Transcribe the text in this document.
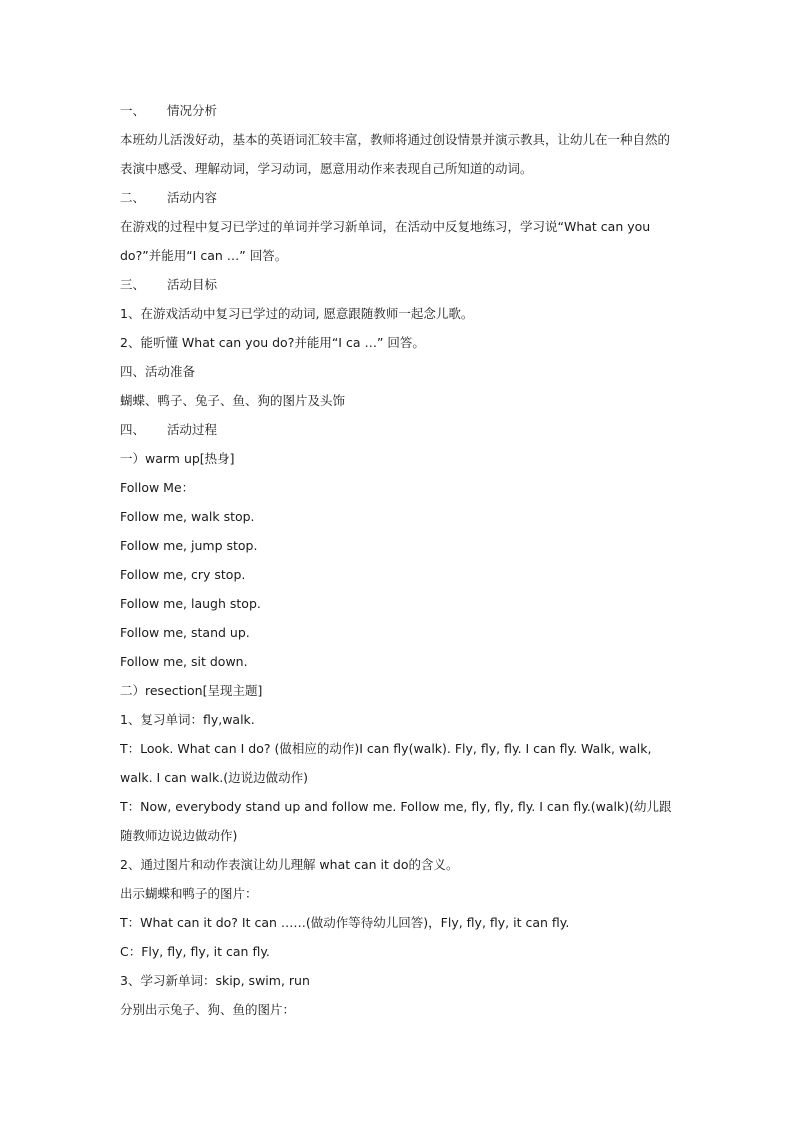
一、 情况分析
本班幼儿活泼好动，基本的英语词汇较丰富，教师将通过创设情景并演示教具，让幼儿在一种自然的表演中感受、理解动词，学习动词，愿意用动作来表现自己所知道的动词。
二、 活动内容
在游戏的过程中复习已学过的单词并学习新单词，在活动中反复地练习，学习说“What can you do?”并能用“I can …” 回答。
三、 活动目标
1、在游戏活动中复习已学过的动词, 愿意跟随教师一起念儿歌。
2、能听懂 What can you do?并能用“I ca …” 回答。
四、活动准备
蝴蝶、鸭子、兔子、鱼、狗的图片及头饰
四、 活动过程
一）warm up[热身]
Follow Me：
Follow me, walk stop.
Follow me, jump stop.
Follow me, cry stop.
Follow me, laugh stop.
Follow me, stand up.
Follow me, sit down.
二）resection[呈现主题]
1、复习单词：fly,walk.
T：Look. What can I do? (做相应的动作)I can fly(walk). Fly, fly, fly. I can fly. Walk, walk, walk. I can walk.(边说边做动作)
T：Now, everybody stand up and follow me. Follow me, fly, fly, fly. I can fly.(walk)(幼儿跟随教师边说边做动作)
2、通过图片和动作表演让幼儿理解 what can it do的含义。
出示蝴蝶和鸭子的图片：
T：What can it do? It can ……(做动作等待幼儿回答)，Fly, fly, fly, it can fly.
C：Fly, fly, fly, it can fly.
3、学习新单词：skip, swim, run
分别出示兔子、狗、鱼的图片：
